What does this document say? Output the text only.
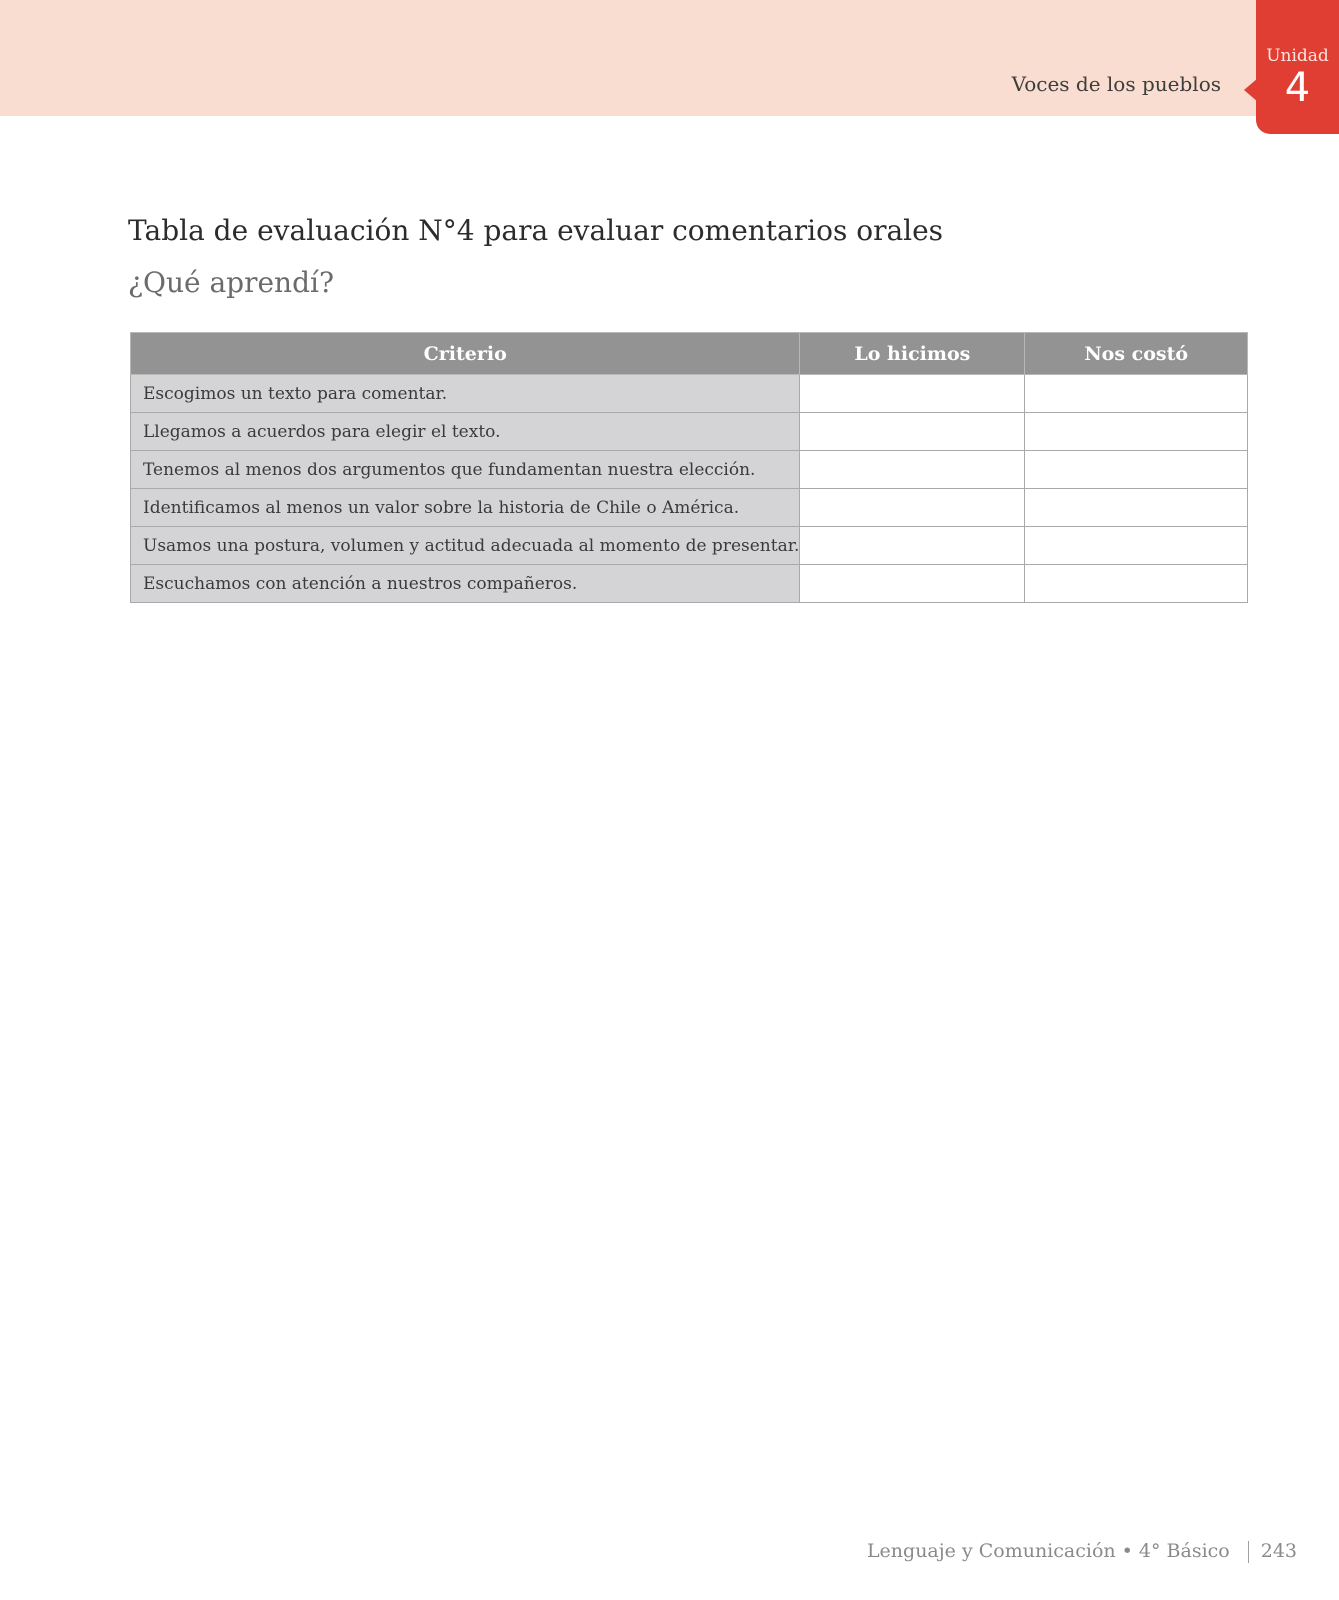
Voces de los pueblos
Unidad
4
Tabla de evaluación N°4 para evaluar comentarios orales
¿Qué aprendí?
Criterio	Lo hicimos	Nos costó
Escogimos un texto para comentar.		
Llegamos a acuerdos para elegir el texto.		
Tenemos al menos dos argumentos que fundamentan nuestra elección.		
Identificamos al menos un valor sobre la historia de Chile o América.		
Usamos una postura, volumen y actitud adecuada al momento de presentar.		
Escuchamos con atención a nuestros compañeros.		
Lenguaje y Comunicación • 4° Básico 243
